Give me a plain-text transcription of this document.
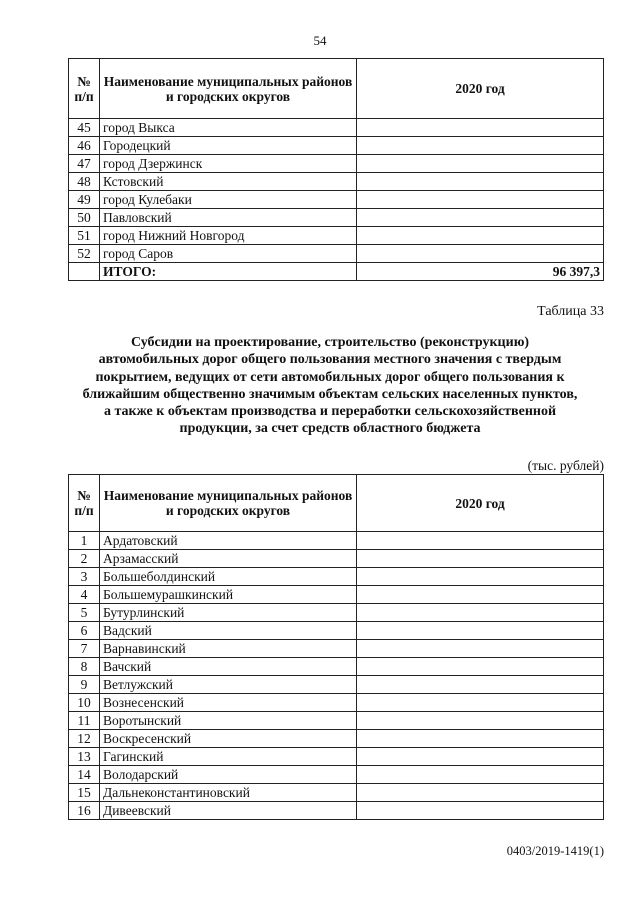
54
№ п/п	Наименование муниципальных районов и городских округов	2020 год
45	город Выкса	
46	Городецкий	
47	город Дзержинск	
48	Кстовский	
49	город Кулебаки	
50	Павловский	
51	город Нижний Новгород	
52	город Саров	
	ИТОГО:	96 397,3
Таблица 33
Субсидии на проектирование, строительство (реконструкцию) автомобильных дорог общего пользования местного значения с твердым покрытием, ведущих от сети автомобильных дорог общего пользования к ближайшим общественно значимым объектам сельских населенных пунктов, а также к объектам производства и переработки сельскохозяйственной продукции, за счет средств областного бюджета
(тыс. рублей)
№ п/п	Наименование муниципальных районов и городских округов	2020 год
1	Ардатовский	
2	Арзамасский	
3	Большеболдинский	
4	Большемурашкинский	
5	Бутурлинский	
6	Вадский	
7	Варнавинский	
8	Вачский	
9	Ветлужский	
10	Вознесенский	
11	Воротынский	
12	Воскресенский	
13	Гагинский	
14	Володарский	
15	Дальнеконстантиновский	
16	Дивеевский	
0403/2019-1419(1)
